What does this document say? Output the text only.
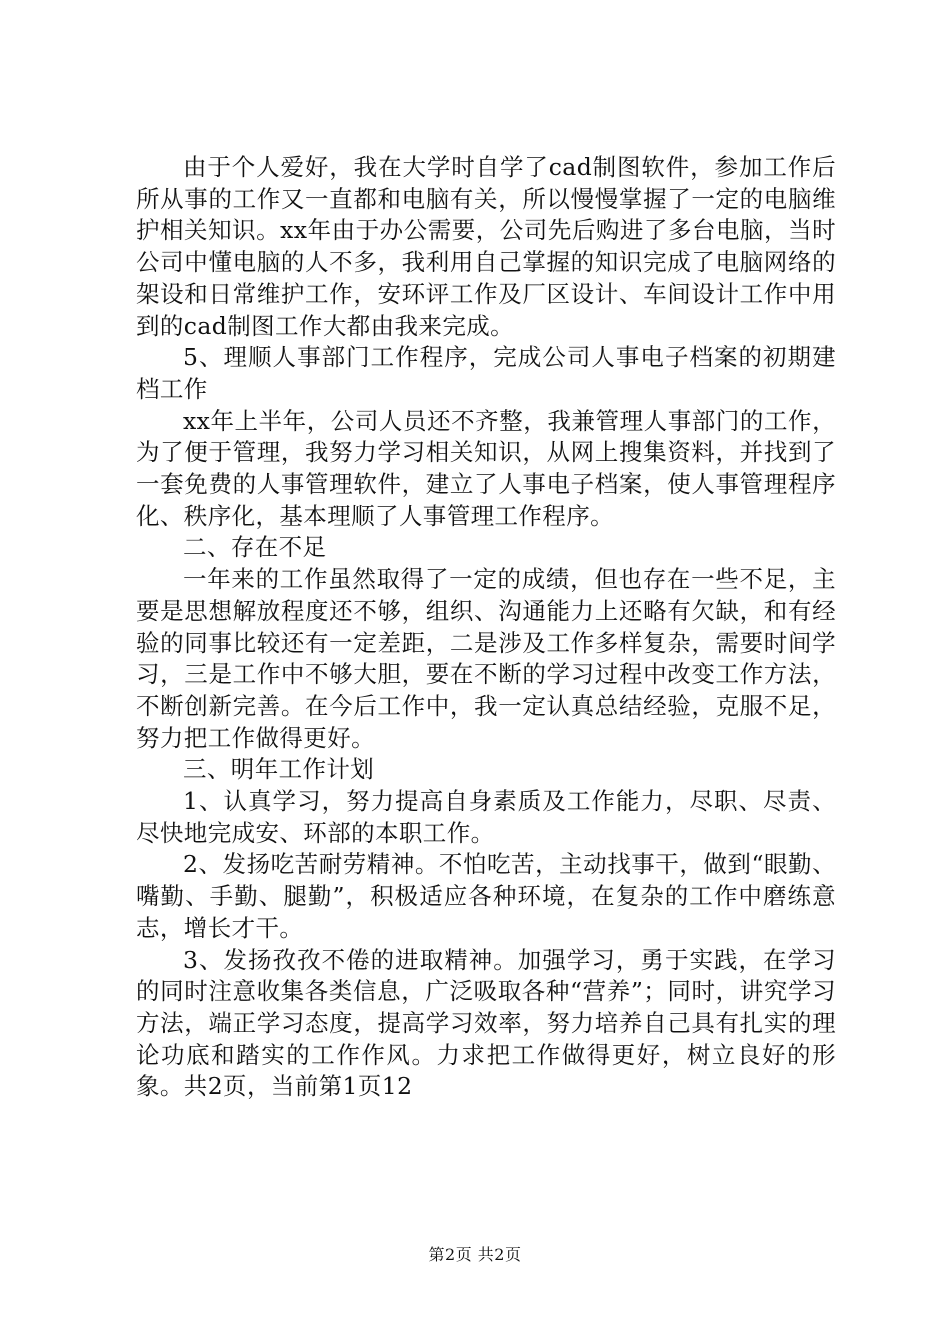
由于个人爱好，我在大学时自学了cad制图软件，参加工作后所从事的工作又一直都和电脑有关，所以慢慢掌握了一定的电脑维护相关知识。xx年由于办公需要，公司先后购进了多台电脑，当时公司中懂电脑的人不多，我利用自己掌握的知识完成了电脑网络的架设和日常维护工作，安环评工作及厂区设计、车间设计工作中用到的cad制图工作大都由我来完成。

5、理顺人事部门工作程序，完成公司人事电子档案的初期建档工作

xx年上半年，公司人员还不齐整，我兼管理人事部门的工作，为了便于管理，我努力学习相关知识，从网上搜集资料，并找到了一套免费的人事管理软件，建立了人事电子档案，使人事管理程序化、秩序化，基本理顺了人事管理工作程序。

二、存在不足

一年来的工作虽然取得了一定的成绩，但也存在一些不足，主要是思想解放程度还不够，组织、沟通能力上还略有欠缺，和有经验的同事比较还有一定差距，二是涉及工作多样复杂，需要时间学习，三是工作中不够大胆，要在不断的学习过程中改变工作方法，不断创新完善。在今后工作中，我一定认真总结经验，克服不足，努力把工作做得更好。

三、明年工作计划

1、认真学习，努力提高自身素质及工作能力，尽职、尽责、尽快地完成安、环部的本职工作。

2、发扬吃苦耐劳精神。不怕吃苦，主动找事干，做到“眼勤、嘴勤、手勤、腿勤”，积极适应各种环境，在复杂的工作中磨练意志，增长才干。

3、发扬孜孜不倦的进取精神。加强学习，勇于实践，在学习的同时注意收集各类信息，广泛吸取各种“营养”；同时，讲究学习方法，端正学习态度，提高学习效率，努力培养自己具有扎实的理论功底和踏实的工作作风。力求把工作做得更好，树立良好的形象。共2页，当前第1页12

第2页 共2页
